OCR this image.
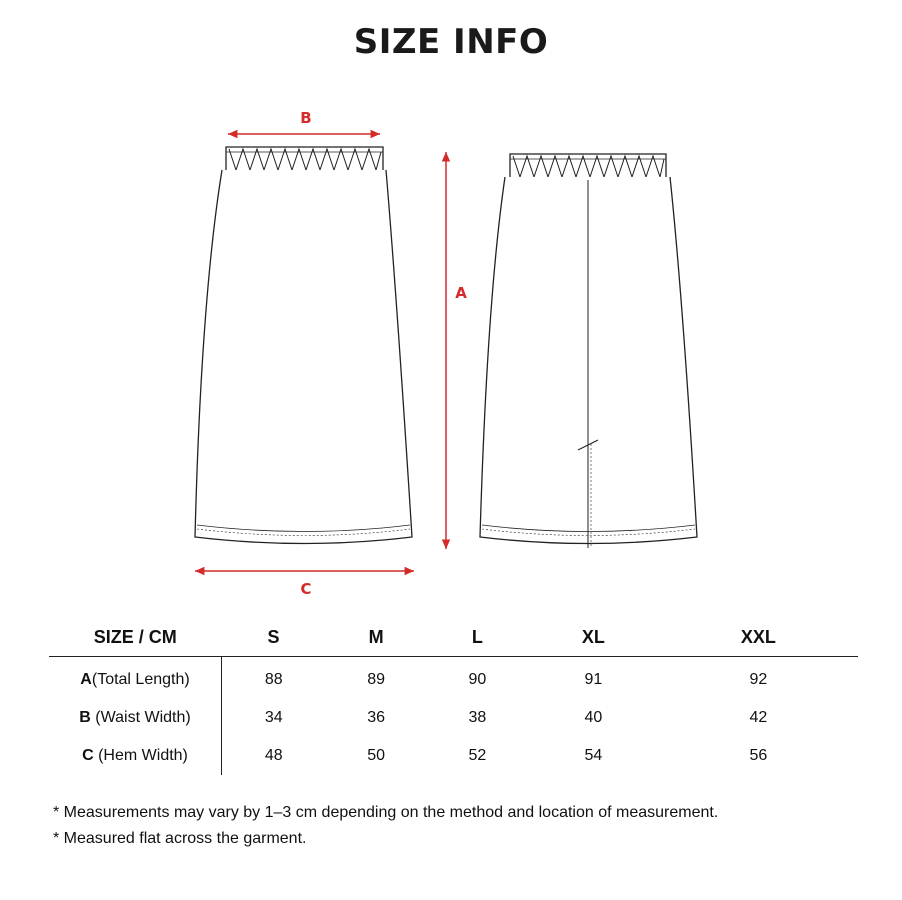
SIZE INFO
B
A
C
SIZE / CM	S	M	L	XL	XXL
A(Total Length)	88	89	90	91	92
B (Waist Width)	34	36	38	40	42
C (Hem Width)	48	50	52	54	56
* Measurements may vary by 1–3 cm depending on the method and location of measurement.
* Measured flat across the garment.
